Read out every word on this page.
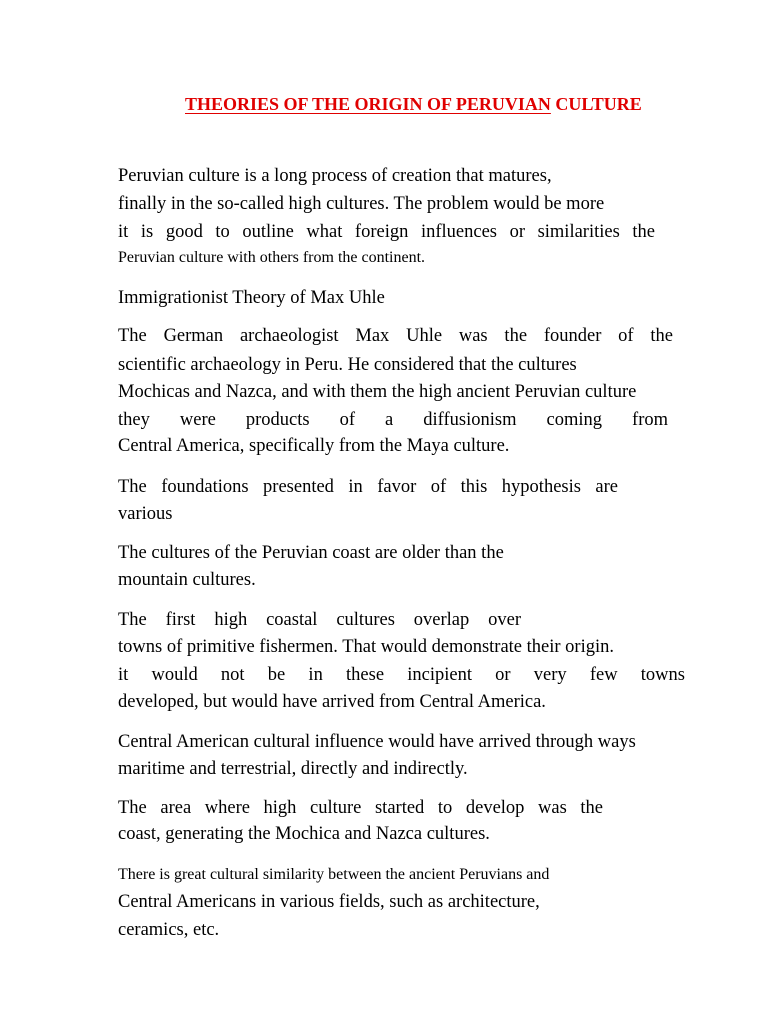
THEORIES OF THE ORIGIN OF PERUVIAN CULTURE

Peruvian culture is a long process of creation that matures,

finally in the so-called high cultures. The problem would be more

it is good to outline what foreign influences or similarities the

Peruvian culture with others from the continent.

Immigrationist Theory of Max Uhle

The German archaeologist Max Uhle was the founder of the

scientific archaeology in Peru. He considered that the cultures

Mochicas and Nazca, and with them the high ancient Peruvian culture

they were products of a diffusionism coming from

Central America, specifically from the Maya culture.

The foundations presented in favor of this hypothesis are

various

The cultures of the Peruvian coast are older than the

mountain cultures.

The first high coastal cultures overlap over

towns of primitive fishermen. That would demonstrate their origin.

it would not be in these incipient or very few towns

developed, but would have arrived from Central America.

Central American cultural influence would have arrived through ways

maritime and terrestrial, directly and indirectly.

The area where high culture started to develop was the

coast, generating the Mochica and Nazca cultures.

There is great cultural similarity between the ancient Peruvians and

Central Americans in various fields, such as architecture,

ceramics, etc.
